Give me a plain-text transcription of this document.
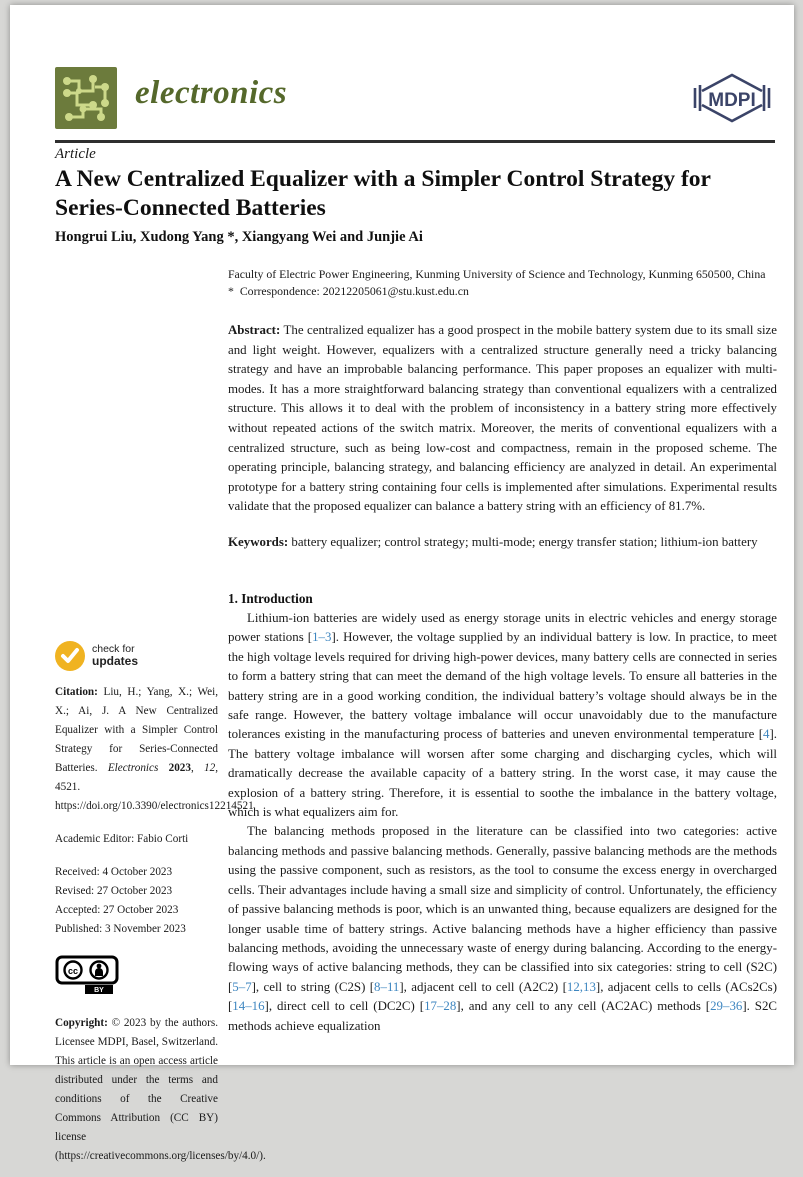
electronics	MDPI
Article
A New Centralized Equalizer with a Simpler Control Strategy for Series-Connected Batteries
Hongrui Liu, Xudong Yang *, Xiangyang Wei and Junjie Ai
Faculty of Electric Power Engineering, Kunming University of Science and Technology, Kunming 650500, China
* Correspondence: 20212205061@stu.kust.edu.cn
Abstract: The centralized equalizer has a good prospect in the mobile battery system due to its small size and light weight. However, equalizers with a centralized structure generally need a tricky balancing strategy and have an improbable balancing performance. This paper proposes an equalizer with multi-modes. It has a more straightforward balancing strategy than conventional equalizers with a centralized structure. This allows it to deal with the problem of inconsistency in a battery string more effectively without repeated actions of the switch matrix. Moreover, the merits of conventional equalizers with a centralized structure, such as being low-cost and compactness, remain in the proposed scheme. The operating principle, balancing strategy, and balancing efficiency are analyzed in detail. An experimental prototype for a battery string containing four cells is implemented after simulations. Experimental results validate that the proposed equalizer can balance a battery string with an efficiency of 81.7%.
Keywords: battery equalizer; control strategy; multi-mode; energy transfer station; lithium-ion battery
check for
updates

Citation: Liu, H.; Yang, X.; Wei, X.; Ai, J. A New Centralized Equalizer with a Simpler Control Strategy for Series-Connected Batteries. Electronics 2023, 12, 4521. https://doi.org/10.3390/electronics12214521

Academic Editor: Fabio Corti

Received: 4 October 2023
Revised: 27 October 2023
Accepted: 27 October 2023
Published: 3 November 2023
cc
BY

Copyright: © 2023 by the authors. Licensee MDPI, Basel, Switzerland. This article is an open access article distributed under the terms and conditions of the Creative Commons Attribution (CC BY) license (https://creativecommons.org/licenses/by/4.0/).

1. Introduction

Lithium-ion batteries are widely used as energy storage units in electric vehicles and energy storage power stations [1–3]. However, the voltage supplied by an individual battery is low. In practice, to meet the high voltage levels required for driving high-power devices, many battery cells are connected in series to form a battery string that can meet the demand of the high voltage levels. To ensure all batteries in the battery string are in a good working condition, the individual battery’s voltage should always be in the safe range. However, the battery voltage imbalance will occur unavoidably due to the manufacture tolerances existing in the manufacturing process of batteries and uneven environmental temperature [4]. The battery voltage imbalance will worsen after some charging and discharging cycles, which will dramatically decrease the available capacity of a battery string. In the worst case, it may cause the explosion of a battery string. Therefore, it is essential to soothe the imbalance in the battery voltage, which is what equalizers aim for.

The balancing methods proposed in the literature can be classified into two categories: active balancing methods and passive balancing methods. Generally, passive balancing methods are the methods using the passive component, such as resistors, as the tool to consume the excess energy in overcharged cells. Their advantages include having a small size and simplicity of control. Unfortunately, the efficiency of passive balancing methods is poor, which is an unwanted thing, because equalizers are designed for the longer usable time of battery strings. Active balancing methods have a higher efficiency than passive balancing methods, avoiding the unnecessary waste of energy during balancing. According to the energy-flowing ways of active balancing methods, they can be classified into six categories: string to cell (S2C) [5–7], cell to string (C2S) [8–11], adjacent cell to cell (A2C2) [12,13], adjacent cells to cells (ACs2Cs) [14–16], direct cell to cell (DC2C) [17–28], and any cell to any cell (AC2AC) methods [29–36]. S2C methods achieve equalization
